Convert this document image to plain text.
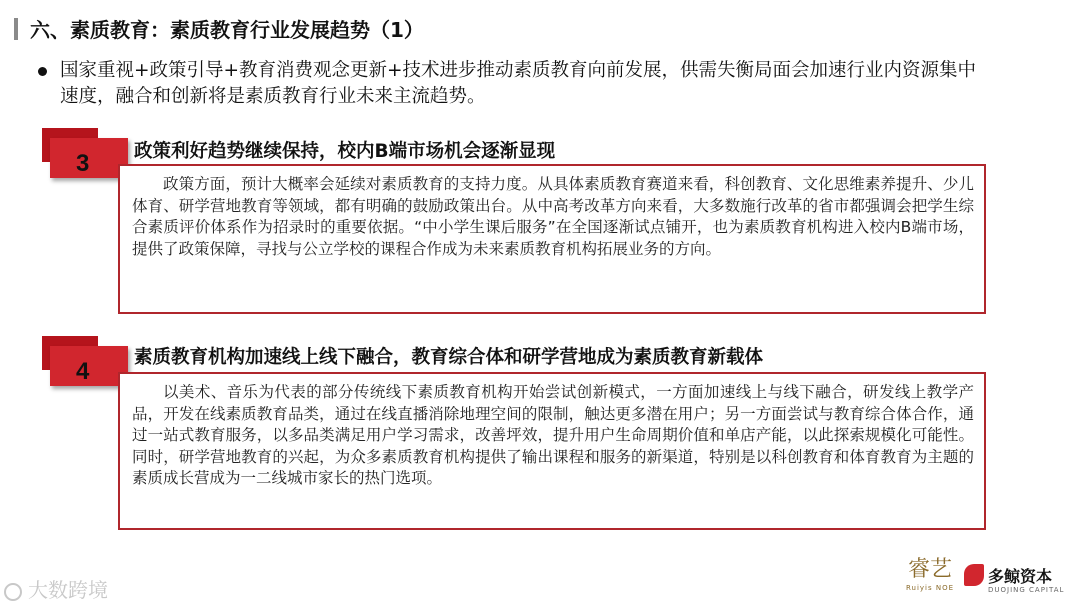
六、素质教育：素质教育行业发展趋势（1）
国家重视+政策引导+教育消费观念更新+技术进步推动素质教育向前发展，供需失衡局面会加速行业内资源集中速度，融合和创新将是素质教育行业未来主流趋势。
3 政策利好趋势继续保持，校内B端市场机会逐渐显现

政策方面，预计大概率会延续对素质教育的支持力度。从具体素质教育赛道来看，科创教育、文化思维素养提升、少儿体育、研学营地教育等领域，都有明确的鼓励政策出台。从中高考改革方向来看，大多数施行改革的省市都强调会把学生综合素质评价体系作为招录时的重要依据。“中小学生课后服务”在全国逐渐试点铺开，也为素质教育机构进入校内B端市场，提供了政策保障，寻找与公立学校的课程合作成为未来素质教育机构拓展业务的方向。

4
素质教育机构加速线上线下融合，教育综合体和研学营地成为素质教育新载体

以美术、音乐为代表的部分传统线下素质教育机构开始尝试创新模式，一方面加速线上与线下融合，研发线上教学产品，开发在线素质教育品类，通过在线直播消除地理空间的限制，触达更多潜在用户；另一方面尝试与教育综合体合作，通过一站式教育服务，以多品类满足用户学习需求，改善坪效，提升用户生命周期价值和单店产能，以此探索规模化可能性。同时，研学营地教育的兴起，为众多素质教育机构提供了输出课程和服务的新渠道，特别是以科创教育和体育教育为主题的素质成长营成为一二线城市家长的热门选项。

大数跨境
睿艺
Ruiyis NOE
多鲸资本
DUOJING CAPITAL
